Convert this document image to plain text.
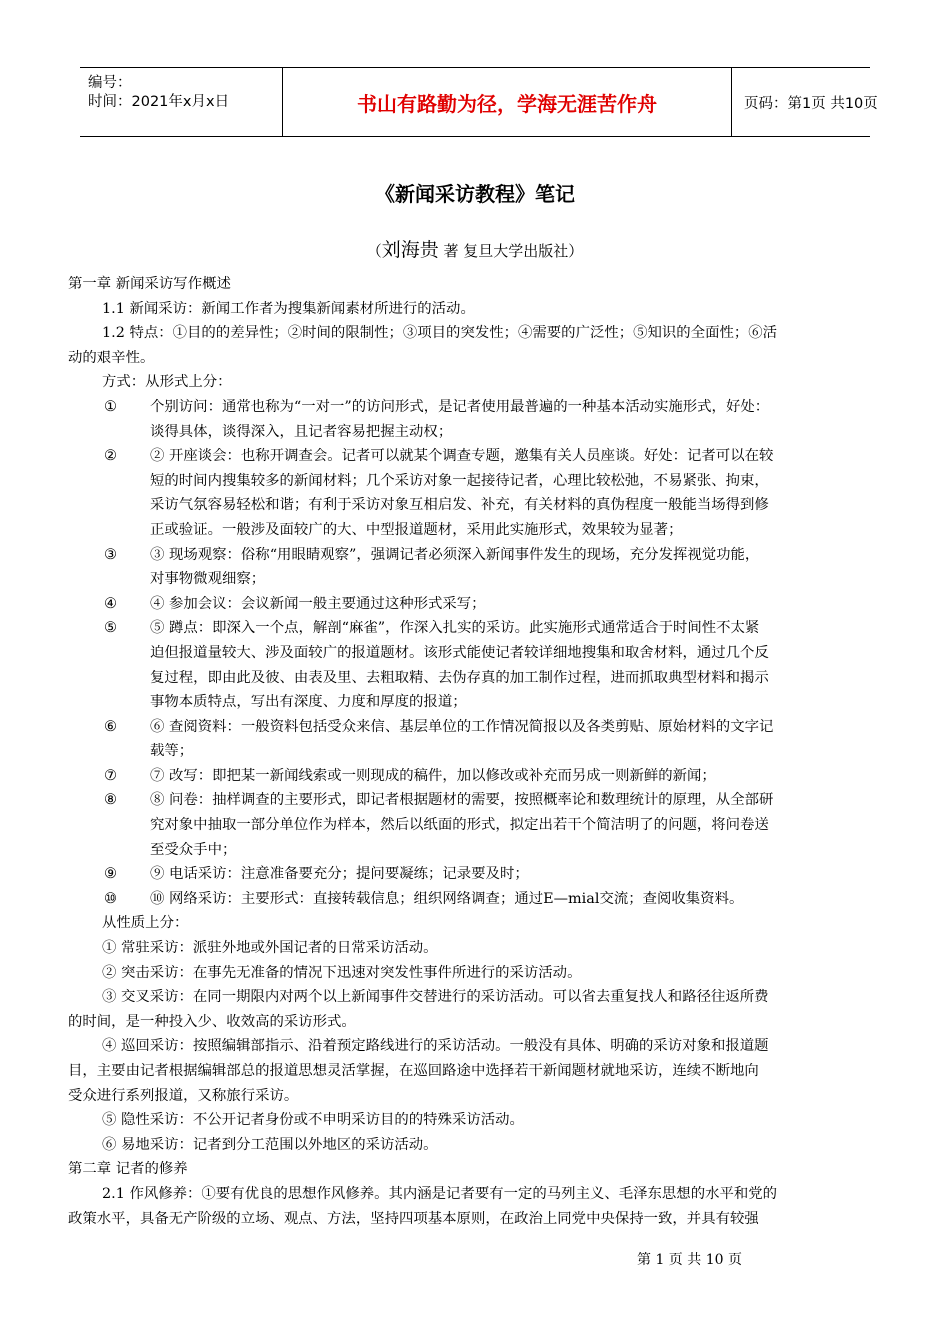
编号：
时间：2021年x月x日	书山有路勤为径，学海无涯苦作舟	页码：第1页 共10页
《新闻采访教程》笔记
（刘海贵 著 复旦大学出版社）
第一章 新闻采访写作概述
1.1 新闻采访：新闻工作者为搜集新闻素材所进行的活动。
1.2 特点：①目的的差异性；②时间的限制性；③项目的突发性；④需要的广泛性；⑤知识的全面性；⑥活
动的艰辛性。
方式：从形式上分：
①	个别访问：通常也称为“一对一”的访问形式，是记者使用最普遍的一种基本活动实施形式，好处：
谈得具体，谈得深入，且记者容易把握主动权；
②	② 开座谈会：也称开调查会。记者可以就某个调查专题，邀集有关人员座谈。好处：记者可以在较
短的时间内搜集较多的新闻材料；几个采访对象一起接待记者，心理比较松弛，不易紧张、拘束，
采访气氛容易轻松和谐；有利于采访对象互相启发、补充，有关材料的真伪程度一般能当场得到修
正或验证。一般涉及面较广的大、中型报道题材，采用此实施形式，效果较为显著；
③	③ 现场观察：俗称“用眼睛观察”，强调记者必须深入新闻事件发生的现场，充分发挥视觉功能，
对事物微观细察；
④	④ 参加会议：会议新闻一般主要通过这种形式采写；
⑤	⑤ 蹲点：即深入一个点，解剖“麻雀”，作深入扎实的采访。此实施形式通常适合于时间性不太紧
迫但报道量较大、涉及面较广的报道题材。该形式能使记者较详细地搜集和取舍材料，通过几个反
复过程，即由此及彼、由表及里、去粗取精、去伪存真的加工制作过程，进而抓取典型材料和揭示
事物本质特点，写出有深度、力度和厚度的报道；
⑥	⑥ 查阅资料：一般资料包括受众来信、基层单位的工作情况简报以及各类剪贴、原始材料的文字记
载等；
⑦	⑦ 改写：即把某一新闻线索或一则现成的稿件，加以修改或补充而另成一则新鲜的新闻；
⑧	⑧ 问卷：抽样调查的主要形式，即记者根据题材的需要，按照概率论和数理统计的原理，从全部研
究对象中抽取一部分单位作为样本，然后以纸面的形式，拟定出若干个简洁明了的问题，将问卷送
至受众手中；
⑨	⑨ 电话采访：注意准备要充分；提问要凝练；记录要及时；
⑩	⑩ 网络采访：主要形式：直接转载信息；组织网络调查；通过E—mial交流；查阅收集资料。
从性质上分：
① 常驻采访：派驻外地或外国记者的日常采访活动。
② 突击采访：在事先无准备的情况下迅速对突发性事件所进行的采访活动。
③ 交叉采访：在同一期限内对两个以上新闻事件交替进行的采访活动。可以省去重复找人和路径往返所费
的时间，是一种投入少、收效高的采访形式。
④ 巡回采访：按照编辑部指示、沿着预定路线进行的采访活动。一般没有具体、明确的采访对象和报道题
目，主要由记者根据编辑部总的报道思想灵活掌握，在巡回路途中选择若干新闻题材就地采访，连续不断地向
受众进行系列报道，又称旅行采访。
⑤ 隐性采访：不公开记者身份或不申明采访目的的特殊采访活动。
⑥ 易地采访：记者到分工范围以外地区的采访活动。
第二章 记者的修养
2.1 作风修养：①要有优良的思想作风修养。其内涵是记者要有一定的马列主义、毛泽东思想的水平和党的
政策水平，具备无产阶级的立场、观点、方法，坚持四项基本原则，在政治上同党中央保持一致，并具有较强
第 1 页 共 10 页
